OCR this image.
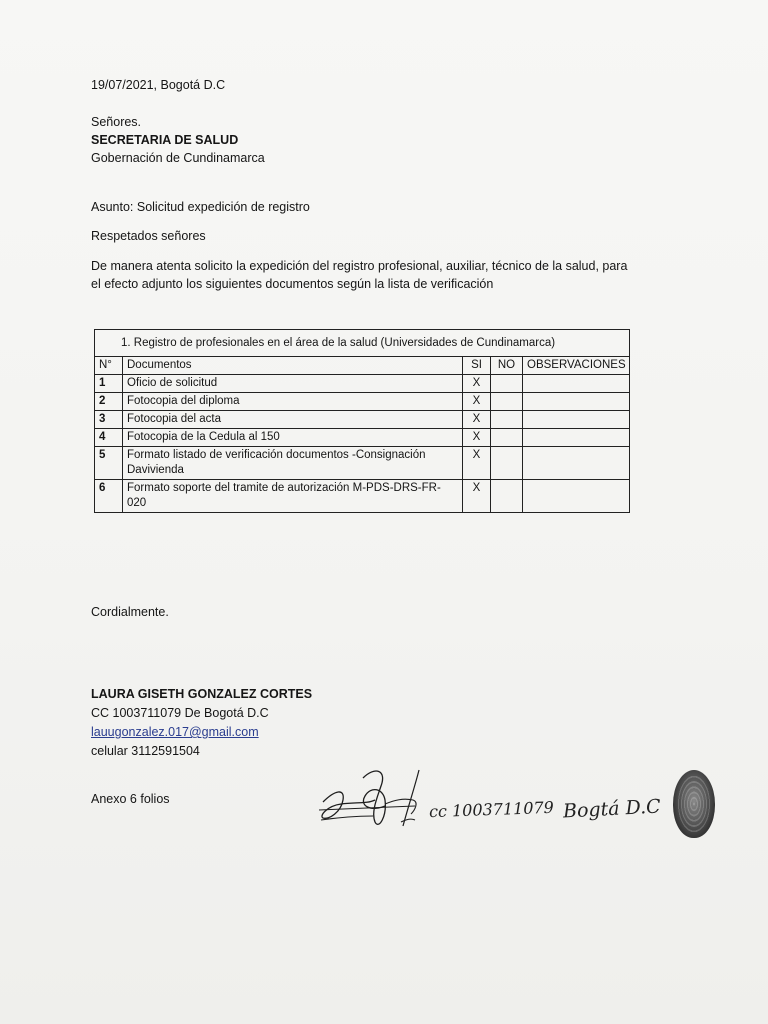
19/07/2021, Bogotá D.C
Señores.
SECRETARIA DE SALUD
Gobernación de Cundinamarca
Asunto: Solicitud expedición de registro
Respetados señores
De manera atenta solicito la expedición del registro profesional, auxiliar, técnico de la salud, para
el efecto adjunto los siguientes documentos según la lista de verificación
1. Registro de profesionales en el área de la salud (Universidades de Cundinamarca)				
N°	Documentos	SI	NO	OBSERVACIONES
1	Oficio de solicitud	X		
2	Fotocopia del diploma	X		
3	Fotocopia del acta	X		
4	Fotocopia de la Cedula al 150	X		
5	Formato listado de verificación documentos -Consignación Davivienda	X		
6	Formato soporte del tramite de autorización M-PDS-DRS-FR-020	X		
Cordialmente.
LAURA GISETH GONZALEZ CORTES
CC 1003711079 De Bogotá D.C
lauugonzalez.017@gmail.com
celular 3112591504
Anexo 6 folios	cc 1003711079 Bogtá D.C
